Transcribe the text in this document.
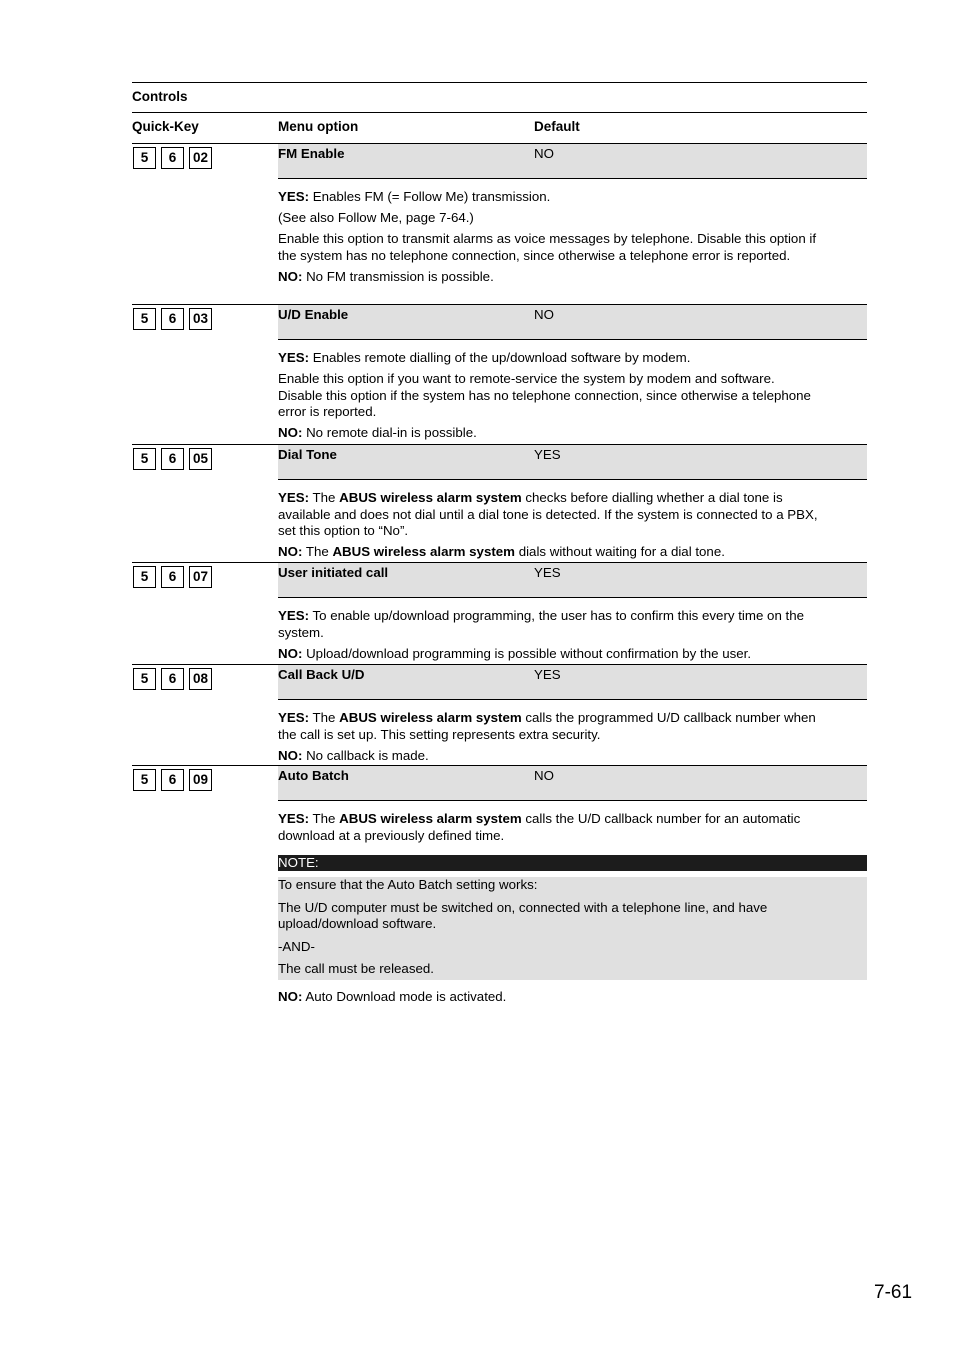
Controls
Quick-Key	Menu option	Default
5	6	02	FM Enable	NO

YES: Enables FM (= Follow Me) transmission.

(See also Follow Me, page 7-64.)

Enable this option to transmit alarms as voice messages by telephone. Disable this option if the system has no telephone connection, since otherwise a telephone error is reported.

NO: No FM transmission is possible.

5	6	03	U/D Enable	NO

YES: Enables remote dialling of the up/download software by modem.

Enable this option if you want to remote-service the system by modem and software. Disable this option if the system has no telephone connection, since otherwise a telephone error is reported.

NO: No remote dial-in is possible.

5	6	05	Dial Tone	YES

YES: The ABUS wireless alarm system checks before dialling whether a dial tone is available and does not dial until a dial tone is detected. If the system is connected to a PBX, set this option to “No”.

NO: The ABUS wireless alarm system dials without waiting for a dial tone.

5	6	07	User initiated call	YES

YES: To enable up/download programming, the user has to confirm this every time on the system.

NO: Upload/download programming is possible without confirmation by the user.

5	6	08	Call Back U/D	YES

YES: The ABUS wireless alarm system calls the programmed U/D callback number when the call is set up. This setting represents extra security.

NO: No callback is made.

5	6	09	Auto Batch	NO

YES: The ABUS wireless alarm system calls the U/D callback number for an automatic download at a previously defined time.

NOTE:

To ensure that the Auto Batch setting works:

The U/D computer must be switched on, connected with a telephone line, and have upload/download software.

-AND-

The call must be released.

NO: Auto Download mode is activated.

7-61
